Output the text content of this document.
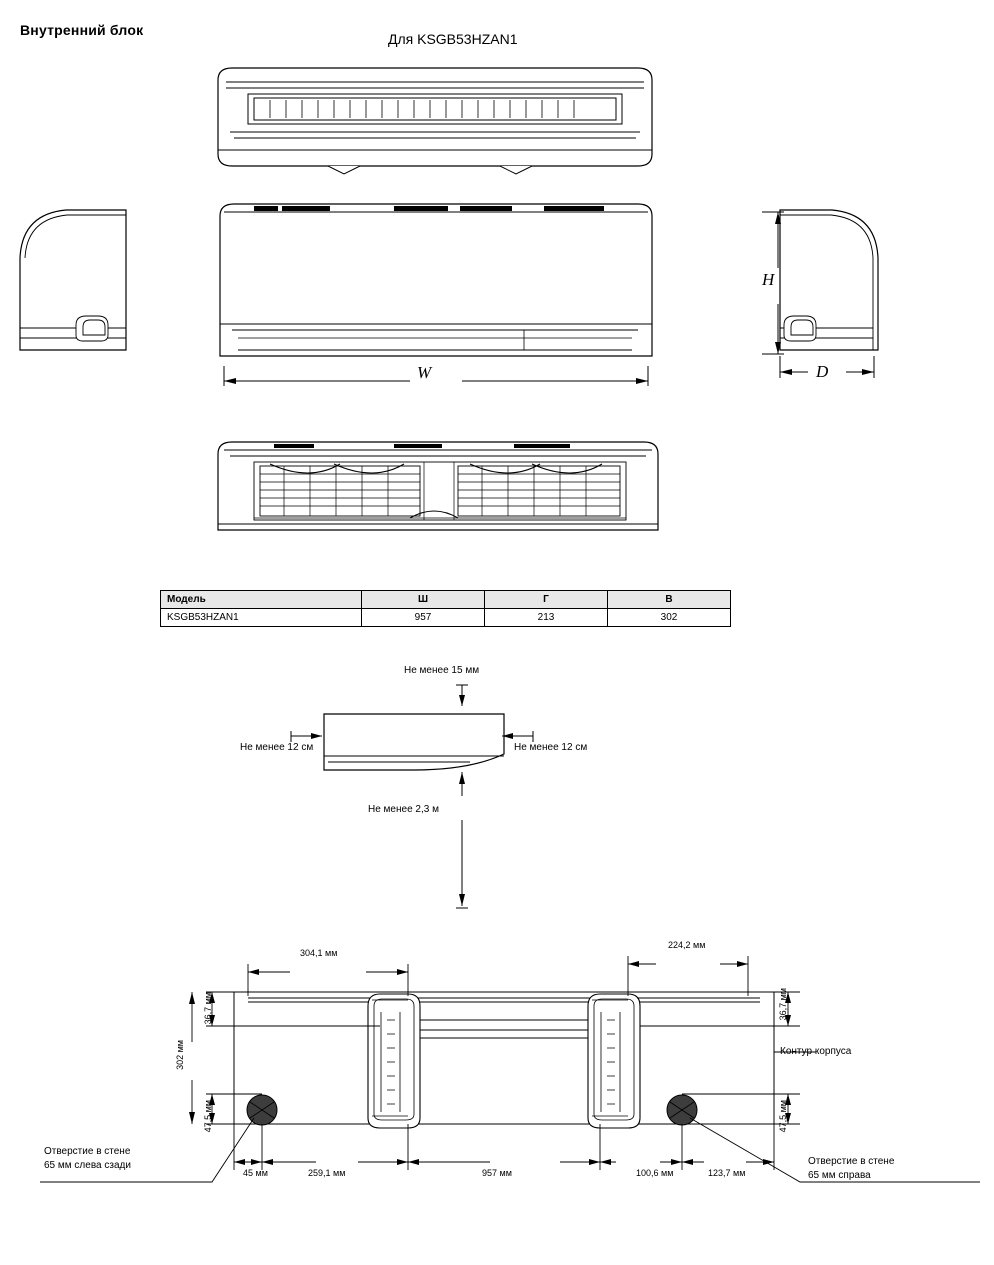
Внутренний блок
Для KSGB53HZAN1
W
H
D
Модель	Ш	Г	В
KSGB53HZAN1	957	213	302
Не менее 15 мм
Не менее 12 см	Не менее 12 см
Не менее 2,3 м
304,1 мм
224,2 мм
36,7 мм
302 мм
47,5 мм
36,7 мм
47,5 мм
45 мм	259,1 мм	957 мм	100,6 мм	123,7 мм
Контур корпуса
Отверстие в стене
65 мм слева сзади	Отверстие в стене
65 мм справа
